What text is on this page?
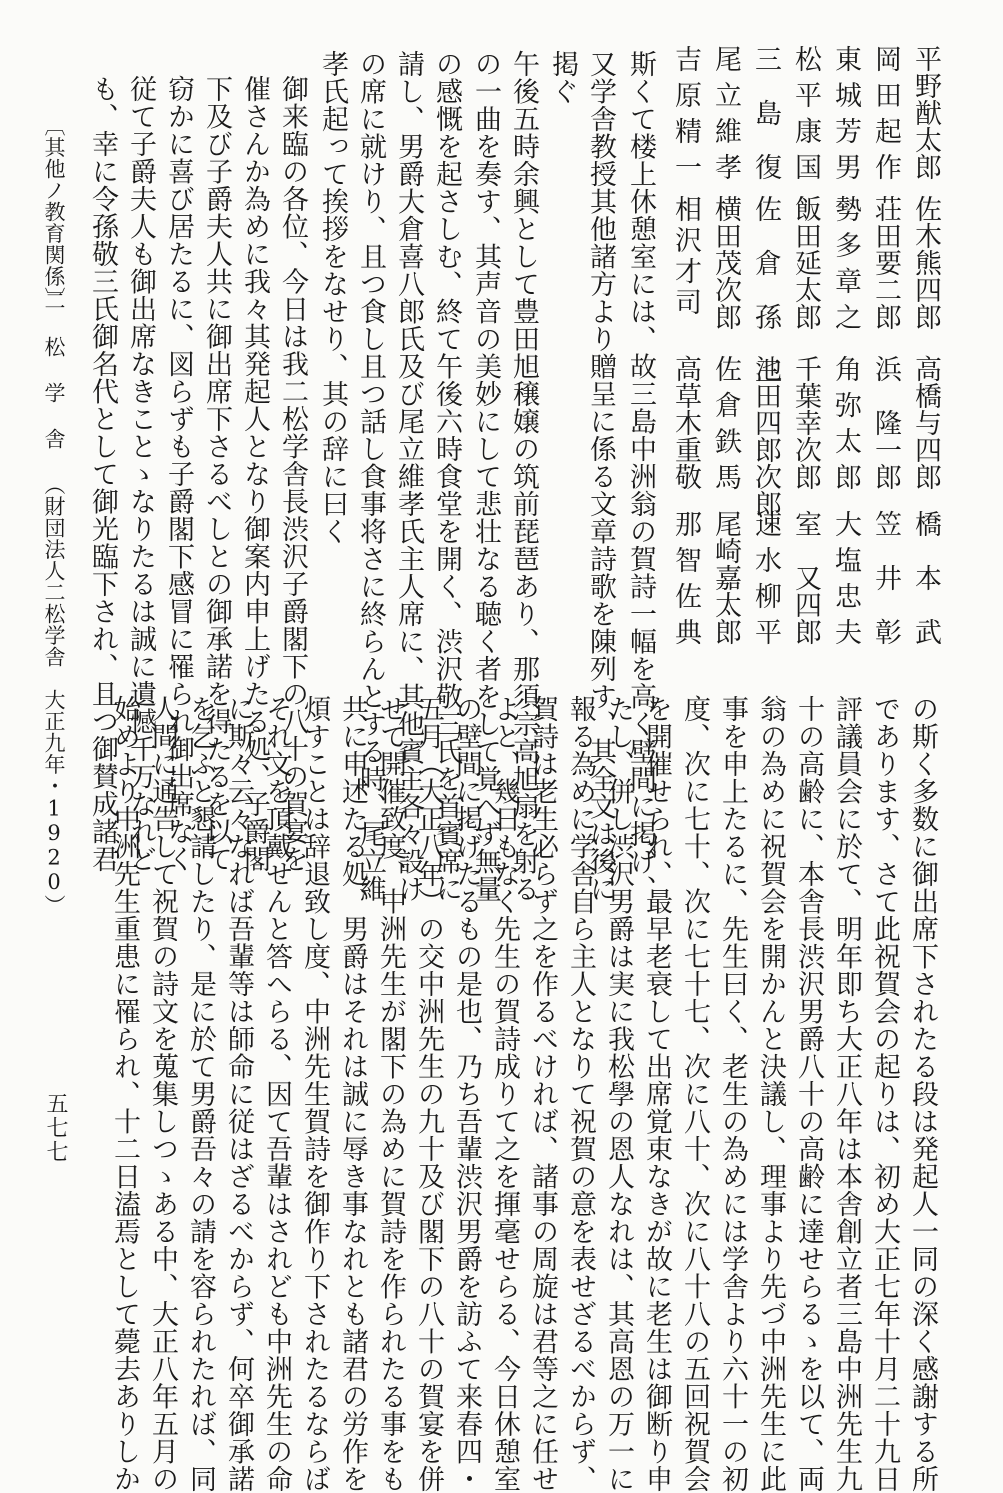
平野猷太郎
佐木熊四郎
高橋与四郎
橋　本　武
岡田起作
荘田要二郎
浜　隆一郎
笠　井　彰
東城芳男
勢多章之
角弥太郎
大塩忠夫
松平康国
飯田延太郎
千葉幸次郎
室　又四郎
三　島　復
佐　倉　孫　三
池田四郎次郎
速水柳平
尾立維孝
横田茂次郎
佐倉鉄馬
尾崎嘉太郎
吉原精一
相沢才司
高草木重敬
那智佐典
斯くて楼上休憩室には、故三島中洲翁の賀詩一幅を高く壁間に掲げ、
又学舎教授其他諸方より贈呈に係る文章詩歌を陳列す、其全文は後に
掲ぐ
午後五時余興として豊田旭穣嬢の筑前琵琶あり、那須宗高旭扇を射る
の一曲を奏す、其声音の美妙にして悲壮なる聴く者をして覚へず無量
の感慨を起さしむ、終て午後六時食堂を開く、渋沢敬三氏を首賓席に
請し、男爵大倉喜八郎氏及び尾立維孝氏主人席に、其他賓主各々設け
の席に就けり、且つ食し且つ話し食事将さに終らんとする時、尾立維
孝氏起って挨拶をなせり、其の辞に曰く
御来臨の各位、今日は我二松学舎長渋沢子爵閣下の八十の賀宴を
催さんか為めに我々其発起人となり御案内申上げたる処、子爵閣
下及び子爵夫人共に御出席下さるべしとの御承諾を得たるを以て
窃かに喜び居たるに、図らずも子爵閣下感冒に罹られ御出席なく
従て子爵夫人も御出席なきことゝなりたるは誠に遺憾千万なれど
も、幸に令孫敬三氏御名代として御光臨下され、且つ御賛成諸君
〔其他ノ教育関係〕
二 松 学 舎 （財団法人二松学舎　大正九年・1920）
の斯く多数に御出席下されたる段は発起人一同の深く感謝する所
であります、さて此祝賀会の起りは、初め大正七年十月二十九日
評議員会に於て、明年即ち大正八年は本舎創立者三島中洲先生九
十の高齢に、本舎長渋沢男爵八十の高齢に達せらるゝを以て、両
翁の為めに祝賀会を開かんと決議し、理事より先づ中洲先生に此
事を申上たるに、先生曰く、老生の為めには学舎より六十一の初
度、次に七十、次に七十七、次に八十、次に八十八の五回祝賀会
を開催せられ、最早老衰して出席覚束なきが故に老生は御断り申
たし、併し渋沢男爵は実に我松學の恩人なれは、其高恩の万一に
報る為めに学舎自ら主人となりて祝賀の意を表せざるべからず、
賀詩は老生必らず之を作るべければ、諸事の周旋は君等之に任せ
よと、幾日もなく先生の賀詩成りて之を揮毫せらる、今日休憩室
の壁間に掲げたるもの是也、乃ち吾輩渋沢男爵を訪ふて来春四・
五月（大正八年）の交中洲先生の九十及び閣下の八十の賀宴を併
せて開催致度、中洲先生が閣下の為めに賀詩を作られたる事をも
共に申述たる処、男爵はそれは誠に辱き事なれとも諸君の労作を
煩すことは辞退致し度、中洲先生賀詩を御作り下されたるならば
それ文を頂戴せんと答へらる、因て吾輩はされども中洲先生の命
に斯々云々なれば吾輩等は師命に従はざるべからず、何卒御承諾
を乞ふと懇請したり、是に於て男爵吾々の請を容られたれば、同
人間に通告して祝賀の詩文を蒐集しつゝある中、大正八年五月の
始めより中洲先生重患に罹られ、十二日溘焉として薨去ありしか
五七七
